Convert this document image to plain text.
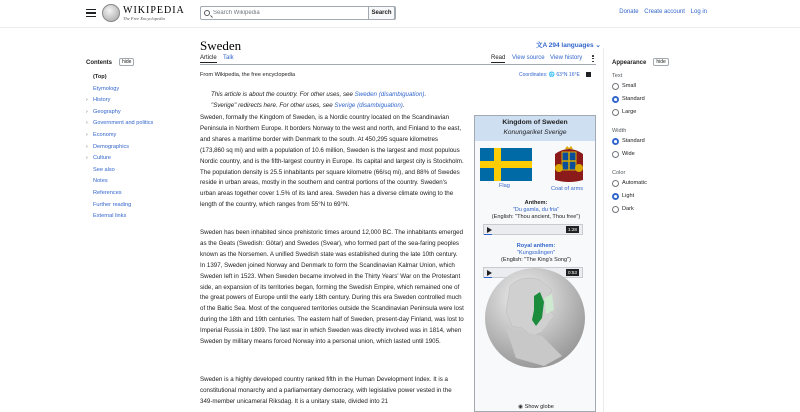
WIKIPEDIA
The Free Encyclopedia
Search Wikipedia
Search	Donate Create account Log in
Contents hide
(Top)
Etymology
› History
› Geography
› Government and politics
› Economy
› Demographics
› Culture
See also
Notes
References
Further reading
External links
Sweden	文A 294 languages ⌄
Article Talk	Read View source View history
From Wikipedia, the free encyclopedia	Coordinates: 🌐 63°N 16°E
This article is about the country. For other uses, see Sweden (disambiguation).
"Sverige" redirects here. For other uses, see Sverige (disambiguation).
Sweden, formally the Kingdom of Sweden, is a Nordic country located on the Scandinavian Peninsula in Northern Europe. It borders Norway to the west and north, and Finland to the east, and shares a maritime border with Denmark to the south. At 450,295 square kilometres (173,860 sq mi) and with a population of 10.6 million, Sweden is the largest and most populous Nordic country, and is the fifth-largest country in Europe. Its capital and largest city is Stockholm. The population density is 25.5 inhabitants per square kilometre (66/sq mi), and 88% of Swedes reside in urban areas, mostly in the southern and central portions of the country. Sweden's urban areas together cover 1.5% of its land area. Sweden has a diverse climate owing to the length of the country, which ranges from 55°N to 69°N.
Sweden has been inhabited since prehistoric times around 12,000 BC. The inhabitants emerged as the Geats (Swedish: Götar) and Swedes (Svear), who formed part of the sea-faring peoples known as the Norsemen. A unified Swedish state was established during the late 10th century. In 1397, Sweden joined Norway and Denmark to form the Scandinavian Kalmar Union, which Sweden left in 1523. When Sweden became involved in the Thirty Years' War on the Protestant side, an expansion of its territories began, forming the Swedish Empire, which remained one of the great powers of Europe until the early 18th century. During this era Sweden controlled much of the Baltic Sea. Most of the conquered territories outside the Scandinavian Peninsula were lost during the 18th and 19th centuries. The eastern half of Sweden, present-day Finland, was lost to Imperial Russia in 1809. The last war in which Sweden was directly involved was in 1814, when Sweden by military means forced Norway into a personal union, which lasted until 1905.
Sweden is a highly developed country ranked fifth in the Human Development Index. It is a constitutional monarchy and a parliamentary democracy, with legislative power vested in the 349-member unicameral Riksdag. It is a unitary state, divided into 21
Kingdom of Sweden
Konungariket Sverige
Flag	Coat of arms
Anthem:
"Du gamla, du fria"
(English: "Thou ancient, Thou free")
1:28
Royal anthem:
"Kungssången"
(English: "The King's Song")
0:53
◉ Show globe
Appearance hide
Text
Small
Standard
Large
Width
Standard
Wide
Color
Automatic
Light
Dark
